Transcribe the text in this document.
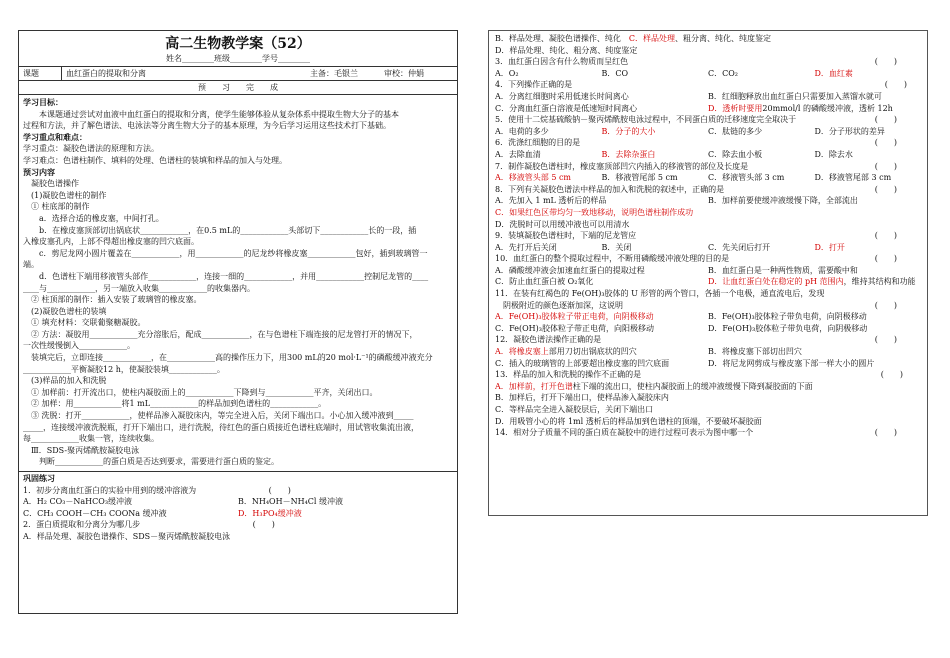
高二生物教学案（52）
姓名________班级________学号________
课题	血红蛋白的提取和分离	主备：毛银兰	审校：仲娟
预　　习　　完　　成
学习目标：
　　本课题通过尝试对血液中血红蛋白的提取和分离，使学生能够体验从复杂体系中提取生物大分子的基本
过程和方法，并了解色谱法、电泳法等分离生物大分子的基本原理，为今后学习运用这些技术打下基础。
学习重点和难点：
学习重点：凝胶色谱法的原理和方法。
学习难点：色谱柱制作、填料的处理、色谱柱的装填和样品的加入与处理。
预习内容
　凝胶色谱操作
　(1)凝胶色谱柱的制作
　① 柱底部的制作
　　a．选择合适的橡皮塞，中间打孔。
　　b．在橡皮塞顶部切出锅底状____________，在0.5 mL的____________头部切下____________长的一段，插
入橡皮塞孔内，上部不得超出橡皮塞的凹穴底面。
　　c．剪尼龙网小圆片覆盖在____________，用____________的尼龙纱将橡皮塞____________包好，插到玻璃管一
端。
　　d．色谱柱下端用移液管头部作____________，连接一细的____________，并用____________控制尼龙管的____
____与____________，另一端放入收集____________的收集器内。
　② 柱顶部的制作：插入安装了玻璃管的橡皮塞。
　(2)凝胶色谱柱的装填
　① 填充材料：交联葡聚糖凝胶。
　② 方法：凝胶用____________充分溶胀后，配成____________，在与色谱柱下端连接的尼龙管打开的情况下，
一次性缓慢倒入____________。
　装填完后，立即连接____________，在____________高的操作压力下，用300 mL的20 mol·L⁻¹的磷酸缓冲液充分
____________平衡凝胶12 h，使凝胶装填____________。
　(3)样品的加入和洗脱
　① 加样前：打开流出口，使柱内凝胶面上的____________下降到与____________平齐，关闭出口。
　② 加样：用____________将1 mL____________的样品加到色谱柱的____________。
　③ 洗脱：打开____________，使样品渗入凝胶床内，等完全进入后，关闭下端出口。小心加入缓冲液到_____
_____，连接缓冲液洗脱瓶，打开下端出口，进行洗脱，待红色的蛋白质接近色谱柱底端时，用试管收集流出液，
每____________收集一管，连续收集。
　Ⅲ．SDS-聚丙烯酰胺凝胶电泳
　　判断____________的蛋白质是否达到要求，需要进行蛋白质的鉴定。
巩固练习
1．初步分离血红蛋白的实验中用到的缓冲溶液为	(　　)
A．H₂ CO₃－NaHCO₃缓冲液	B．NH₄OH－NH₄Cl 缓冲液
C．CH₃ COOH－CH₃ COONa 缓冲液	D．H₃PO₄缓冲液
2．蛋白质提取和分离分为哪几步	(　　)
A．样品处理、凝胶色谱操作、SDS－聚丙烯酰胺凝胶电泳
B．样品处理、凝胶色谱操作、纯化　C．样品处理、粗分离、纯化、纯度鉴定
D．样品处理、纯化、粗分离、纯度鉴定
3．血红蛋白因含有什么物质而呈红色	(　　)
A．O₂	B．CO	C．CO₂	D．血红素
4．下列操作正确的是	(　　)
A．分离红细胞时采用低速长时间离心	B．红细胞释放出血红蛋白只需要加入蒸馏水就可
C．分离血红蛋白溶液是低速短时间离心	D．透析时要用20mmol/l 的磷酸缓冲液，透析 12h
5．使用十二烷基硫酸钠－聚丙烯酰胺电泳过程中，不同蛋白质的迁移速度完全取决于	(　　)
A．电荷的多少	B．分子的大小	C．肽链的多少	D．分子形状的差异
6．洗涤红细胞的目的是	(　　)
A．去除血清	B．去除杂蛋白	C．除去血小板	D．除去水
7．制作凝胶色谱柱时，橡皮塞顶部凹穴内插入的移液管的部位及长度是	(　　)
A．移液管头部 5 cm	B．移液管尾部 5 cm	C．移液管头部 3 cm	D．移液管尾部 3 cm
8．下列有关凝胶色谱法中样品的加入和洗脱的叙述中，正确的是	(　　)
A．先加入 1 mL 透析后的样品	B．加样前要使缓冲液缓慢下降，全部流出
C．如果红色区带均匀一致地移动，说明色谱柱制作成功
D．洗脱时可以用缓冲液也可以用清水
9．装填凝胶色谱柱时，下端的尼龙管应	(　　)
A．先打开后关闭	B．关闭	C．先关闭后打开	D．打开
10．血红蛋白的整个提取过程中，不断用磷酸缓冲液处理的目的是	(　　)
A．磷酸缓冲液会加速血红蛋白的提取过程	B．血红蛋白是一种两性物质，需要酸中和
C．防止血红蛋白被 O₂氧化	D．让血红蛋白处在稳定的 pH 范围内，维持其结构和功能
11．在装有红褐色的 Fe(OH)₃胶体的 U 形管的两个管口，各插一个电极，通直流电后，发现
　阴极附近的颜色逐渐加深，这说明	(　　)
A．Fe(OH)₃胶体粒子带正电荷，向阴极移动	B．Fe(OH)₃胶体粒子带负电荷，向阴极移动
C．Fe(OH)₃胶体粒子带正电荷，向阳极移动	D．Fe(OH)₃胶体粒子带负电荷，向阴极移动
12．凝胶色谱法操作正确的是	(　　)
A．将橡皮塞上部用刀切出锅底状的凹穴	B．将橡皮塞下部切出凹穴
C．插入的玻璃管的上部要超出橡皮塞的凹穴底面	D．将尼龙网剪成与橡皮塞下部一样大小的圆片
13．样品的加入和洗脱的操作不正确的是	(　　)
A．加样前，打开色谱柱下端的流出口，使柱内凝胶面上的缓冲液缓慢下降到凝胶面的下面
B．加样后，打开下端出口，使样品渗入凝胶床内
C．等样品完全进入凝胶层后，关闭下端出口
D．用吸管小心的将 1ml 透析后的样品加到色谱柱的顶端，不要破坏凝胶面
14．相对分子质量不同的蛋白质在凝胶中的进行过程可表示为图中哪一个	(　　)
